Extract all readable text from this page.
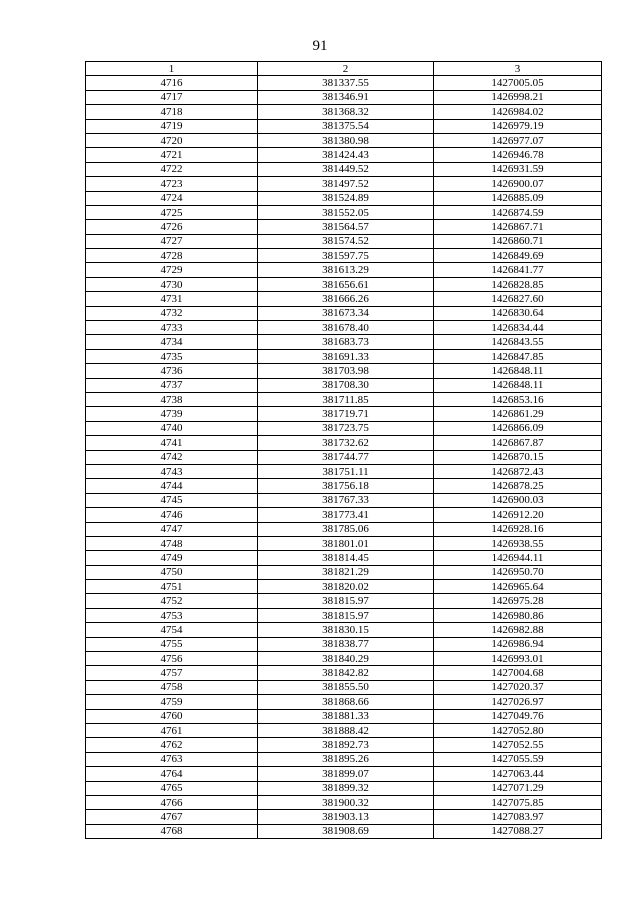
91
1	2	3
4716	381337.55	1427005.05
4717	381346.91	1426998.21
4718	381368.32	1426984.02
4719	381375.54	1426979.19
4720	381380.98	1426977.07
4721	381424.43	1426946.78
4722	381449.52	1426931.59
4723	381497.52	1426900.07
4724	381524.89	1426885.09
4725	381552.05	1426874.59
4726	381564.57	1426867.71
4727	381574.52	1426860.71
4728	381597.75	1426849.69
4729	381613.29	1426841.77
4730	381656.61	1426828.85
4731	381666.26	1426827.60
4732	381673.34	1426830.64
4733	381678.40	1426834.44
4734	381683.73	1426843.55
4735	381691.33	1426847.85
4736	381703.98	1426848.11
4737	381708.30	1426848.11
4738	381711.85	1426853.16
4739	381719.71	1426861.29
4740	381723.75	1426866.09
4741	381732.62	1426867.87
4742	381744.77	1426870.15
4743	381751.11	1426872.43
4744	381756.18	1426878.25
4745	381767.33	1426900.03
4746	381773.41	1426912.20
4747	381785.06	1426928.16
4748	381801.01	1426938.55
4749	381814.45	1426944.11
4750	381821.29	1426950.70
4751	381820.02	1426965.64
4752	381815.97	1426975.28
4753	381815.97	1426980.86
4754	381830.15	1426982.88
4755	381838.77	1426986.94
4756	381840.29	1426993.01
4757	381842.82	1427004.68
4758	381855.50	1427020.37
4759	381868.66	1427026.97
4760	381881.33	1427049.76
4761	381888.42	1427052.80
4762	381892.73	1427052.55
4763	381895.26	1427055.59
4764	381899.07	1427063.44
4765	381899.32	1427071.29
4766	381900.32	1427075.85
4767	381903.13	1427083.97
4768	381908.69	1427088.27
